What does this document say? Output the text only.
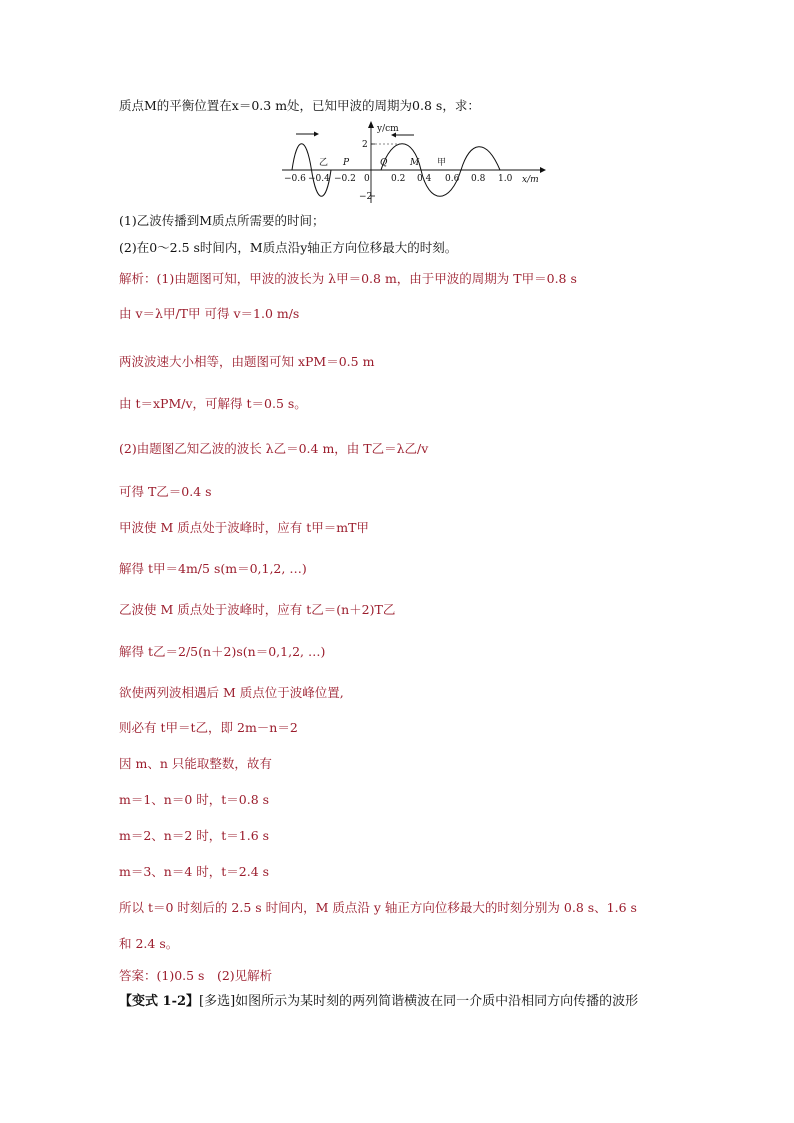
质点M的平衡位置在x＝0.3 m处，已知甲波的周期为0.8 s，求：
y/cm
x/m
2
−2
0
乙 P	Q	M 甲
−0.6 −0.4 −0.2	0.2 0.4 0.6 0.8 1.0
(1)乙波传播到M质点所需要的时间；
(2)在0～2.5 s时间内，M质点沿y轴正方向位移最大的时刻。
解析：(1)由题图可知，甲波的波长为 λ甲＝0.8 m，由于甲波的周期为 T甲＝0.8 s
由 v＝λ甲/T甲 可得 v＝1.0 m/s
两波波速大小相等，由题图可知 xPM＝0.5 m
由 t＝xPM/v，可解得 t＝0.5 s。
(2)由题图乙知乙波的波长 λ乙＝0.4 m，由 T乙＝λ乙/v
可得 T乙＝0.4 s
甲波使 M 质点处于波峰时，应有 t甲＝mT甲
解得 t甲＝4m/5 s(m＝0,1,2, …)
乙波使 M 质点处于波峰时，应有 t乙＝(n＋2)T乙
解得 t乙＝2/5(n＋2)s(n＝0,1,2, …)
欲使两列波相遇后 M 质点位于波峰位置,
则必有 t甲＝t乙，即 2m－n＝2
因 m、n 只能取整数，故有
m＝1、n＝0 时，t＝0.8 s
m＝2、n＝2 时，t＝1.6 s
m＝3、n＝4 时，t＝2.4 s
所以 t＝0 时刻后的 2.5 s 时间内，M 质点沿 y 轴正方向位移最大的时刻分别为 0.8 s、1.6 s
和 2.4 s。
答案：(1)0.5 s　(2)见解析
【变式 1-2】[多选]如图所示为某时刻的两列简谐横波在同一介质中沿相同方向传播的波形
